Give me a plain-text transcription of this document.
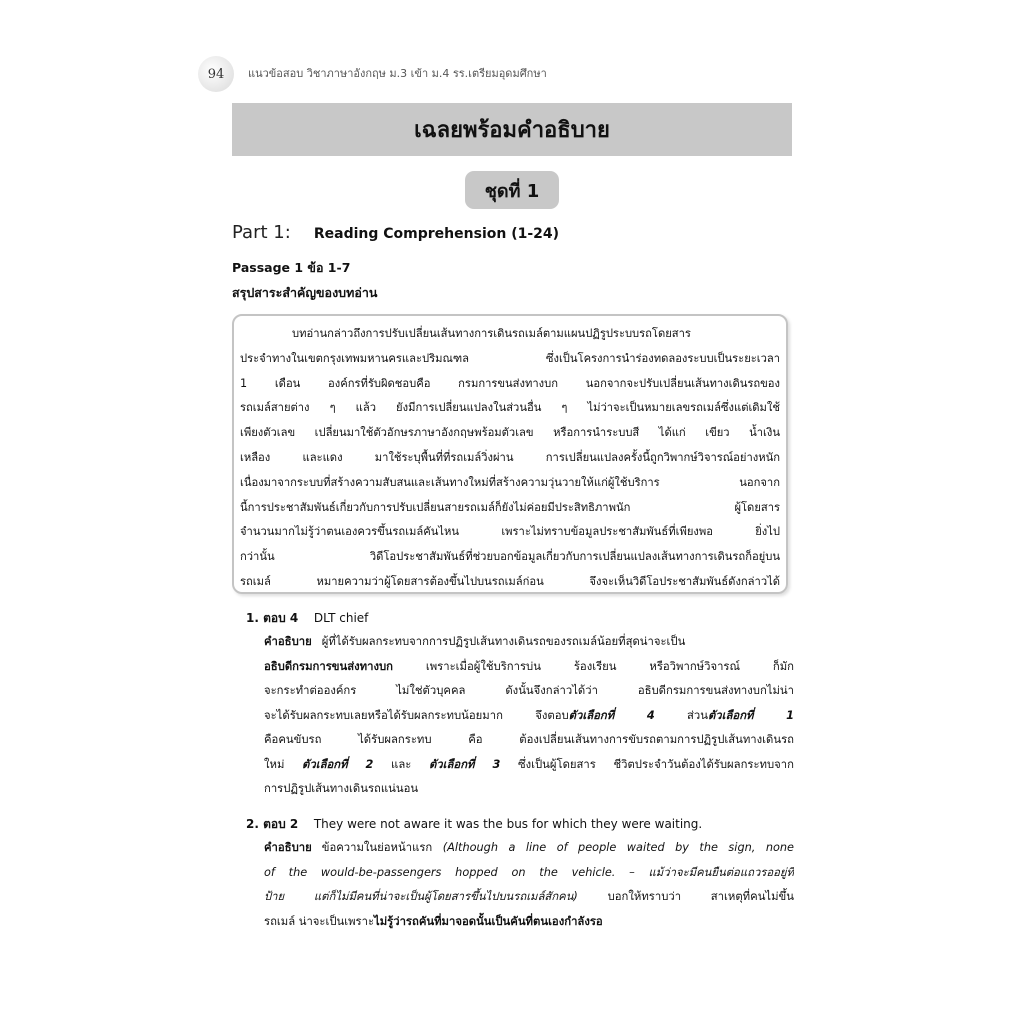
94 แนวข้อสอบ วิชาภาษาอังกฤษ ม.3 เข้า ม.4 รร.เตรียมอุดมศึกษา
เฉลยพร้อมคำอธิบาย
ชุดที่ 1
Part 1: Reading Comprehension (1-24)
Passage 1 ข้อ 1-7
สรุปสาระสำคัญของบทอ่าน
บทอ่านกล่าวถึงการปรับเปลี่ยนเส้นทางการเดินรถเมล์ตามแผนปฏิรูประบบรถโดยสาร
ประจำทางในเขตกรุงเทพมหานครและปริมณฑล ซึ่งเป็นโครงการนำร่องทดลองระบบเป็นระยะเวลา
1 เดือน องค์กรที่รับผิดชอบคือ กรมการขนส่งทางบก นอกจากจะปรับเปลี่ยนเส้นทางเดินรถของ
รถเมล์สายต่าง ๆ แล้ว ยังมีการเปลี่ยนแปลงในส่วนอื่น ๆ ไม่ว่าจะเป็นหมายเลขรถเมล์ซึ่งแต่เดิมใช้
เพียงตัวเลข เปลี่ยนมาใช้ตัวอักษรภาษาอังกฤษพร้อมตัวเลข หรือการนำระบบสี ได้แก่ เขียว น้ำเงิน
เหลือง และแดง มาใช้ระบุพื้นที่ที่รถเมล์วิ่งผ่าน การเปลี่ยนแปลงครั้งนี้ถูกวิพากษ์วิจารณ์อย่างหนัก
เนื่องมาจากระบบที่สร้างความสับสนและเส้นทางใหม่ที่สร้างความวุ่นวายให้แก่ผู้ใช้บริการ นอกจาก
นี้การประชาสัมพันธ์เกี่ยวกับการปรับเปลี่ยนสายรถเมล์ก็ยังไม่ค่อยมีประสิทธิภาพนัก ผู้โดยสาร
จำนวนมากไม่รู้ว่าตนเองควรขึ้นรถเมล์คันไหน เพราะไม่ทราบข้อมูลประชาสัมพันธ์ที่เพียงพอ ยิ่งไป
กว่านั้น วิดีโอประชาสัมพันธ์ที่ช่วยบอกข้อมูลเกี่ยวกับการเปลี่ยนแปลงเส้นทางการเดินรถก็อยู่บน
รถเมล์ หมายความว่าผู้โดยสารต้องขึ้นไปบนรถเมล์ก่อน จึงจะเห็นวิดีโอประชาสัมพันธ์ดังกล่าวได้
1. ตอบ 4 DLT chief
คำอธิบาย ผู้ที่ได้รับผลกระทบจากการปฏิรูปเส้นทางเดินรถของรถเมล์น้อยที่สุดน่าจะเป็น
อธิบดีกรมการขนส่งทางบก เพราะเมื่อผู้ใช้บริการบ่น ร้องเรียน หรือวิพากษ์วิจารณ์ ก็มัก
จะกระทำต่อองค์กร ไม่ใช่ตัวบุคคล ดังนั้นจึงกล่าวได้ว่า อธิบดีกรมการขนส่งทางบกไม่น่า
จะได้รับผลกระทบเลยหรือได้รับผลกระทบน้อยมาก จึงตอบตัวเลือกที่ 4 ส่วนตัวเลือกที่ 1
คือคนขับรถ ได้รับผลกระทบ คือ ต้องเปลี่ยนเส้นทางการขับรถตามการปฏิรูปเส้นทางเดินรถ
ใหม่ ตัวเลือกที่ 2 และ ตัวเลือกที่ 3 ซึ่งเป็นผู้โดยสาร ชีวิตประจำวันต้องได้รับผลกระทบจาก
การปฏิรูปเส้นทางเดินรถแน่นอน
2. ตอบ 2 They were not aware it was the bus for which they were waiting.
คำอธิบาย ข้อความในย่อหน้าแรก (Although a line of people waited by the sign, none
of the would-be-passengers hopped on the vehicle. – แม้ว่าจะมีคนยืนต่อแถวรออยู่ที่
ป้าย แต่ก็ไม่มีคนที่น่าจะเป็นผู้โดยสารขึ้นไปบนรถเมล์สักคน) บอกให้ทราบว่า สาเหตุที่คนไม่ขึ้น
รถเมล์ น่าจะเป็นเพราะไม่รู้ว่ารถคันที่มาจอดนั้นเป็นคันที่ตนเองกำลังรอ
